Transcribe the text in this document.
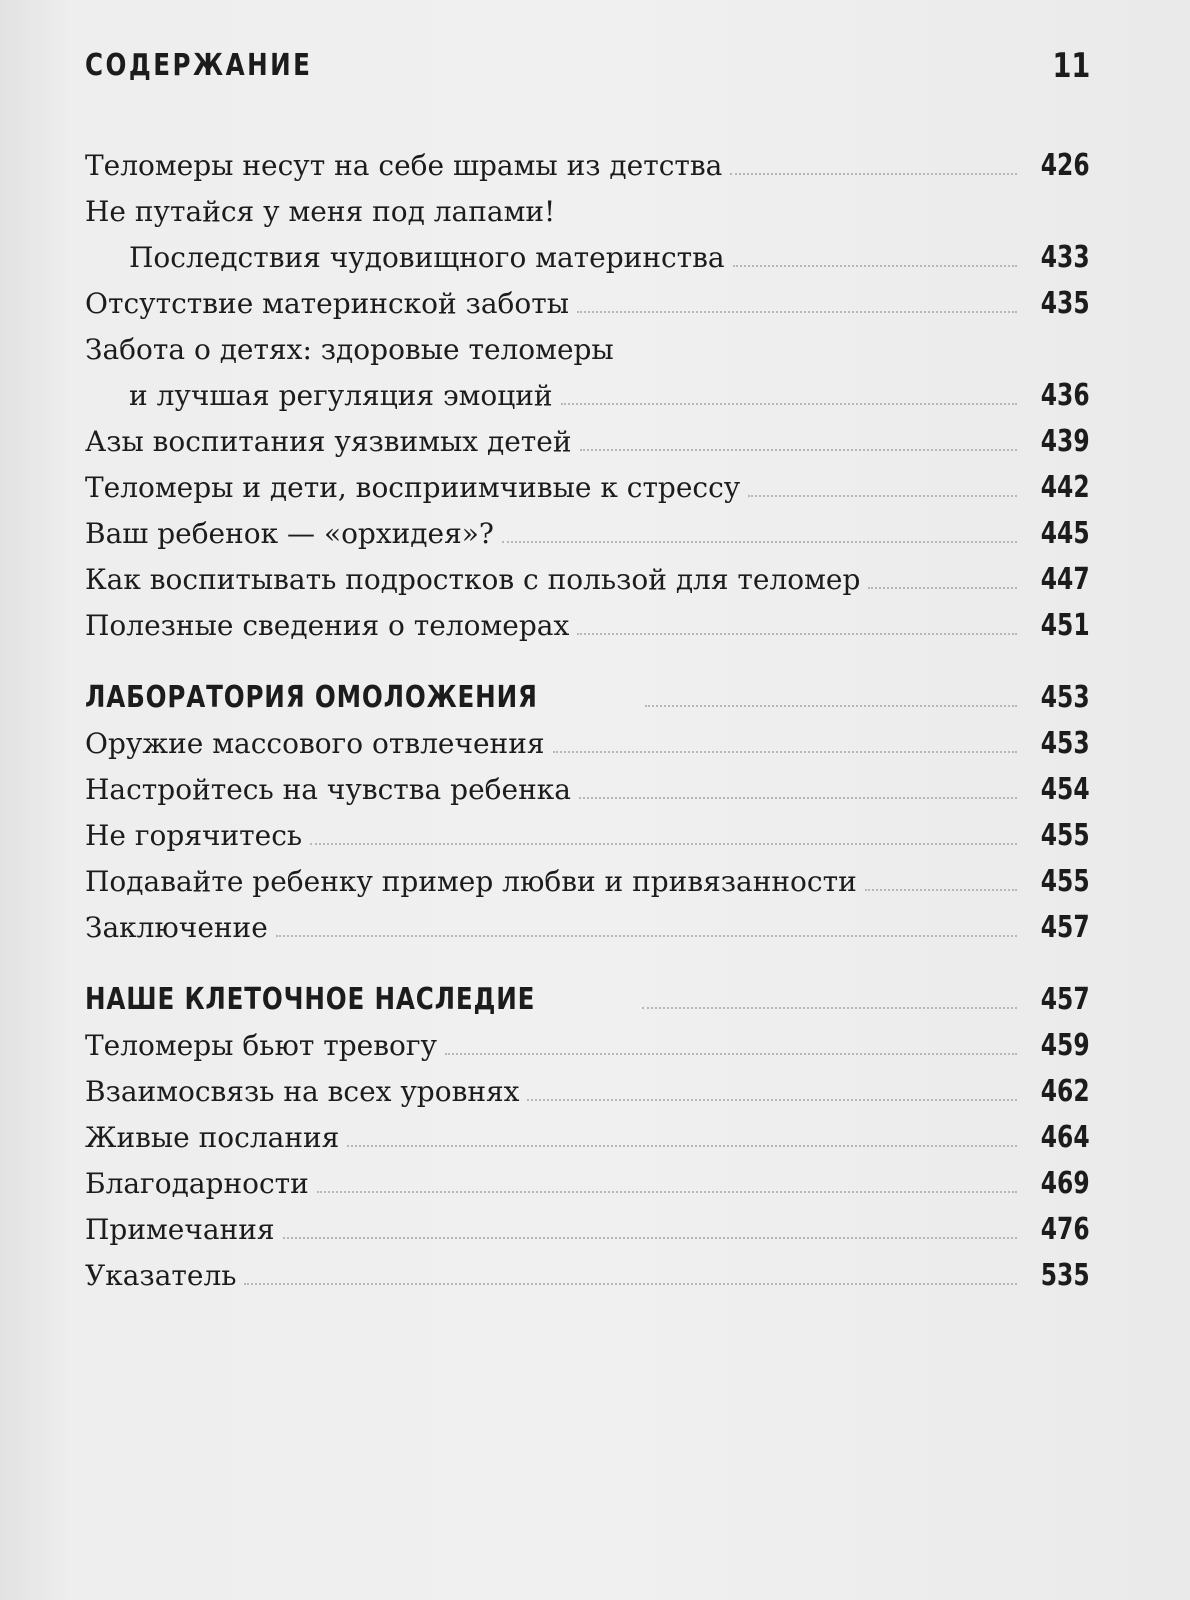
СОДЕРЖАНИЕ	11
Теломеры несут на себе шрамы из детства	426
Не путайся у меня под лапами!
Последствия чудовищного материнства	433
Отсутствие материнской заботы	435
Забота о детях: здоровые теломеры
и лучшая регуляция эмоций	436
Азы воспитания уязвимых детей	439
Теломеры и дети, восприимчивые к стрессу	442
Ваш ребенок — «орхидея»?	445
Как воспитывать подростков с пользой для теломер	447
Полезные сведения о теломерах	451
ЛАБОРАТОРИЯ ОМОЛОЖЕНИЯ	453
Оружие массового отвлечения	453
Настройтесь на чувства ребенка	454
Не горячитесь	455
Подавайте ребенку пример любви и привязанности	455
Заключение	457
НАШЕ КЛЕТОЧНОЕ НАСЛЕДИЕ	457
Теломеры бьют тревогу	459
Взаимосвязь на всех уровнях	462
Живые послания	464
Благодарности	469
Примечания	476
Указатель	535
